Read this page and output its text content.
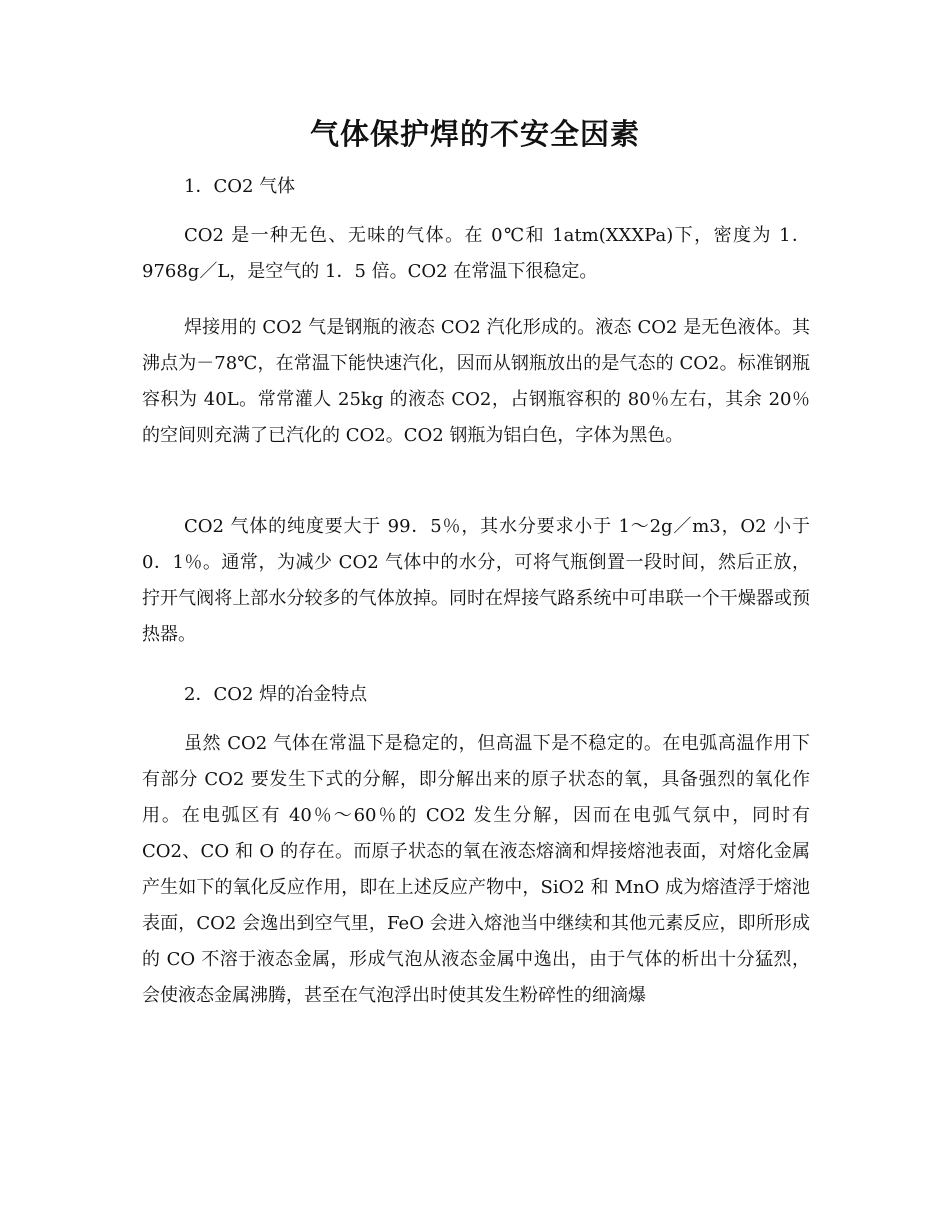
气体保护焊的不安全因素

1．CO2 气体

CO2 是一种无色、无味的气体。在 0℃和 1atm(XXXPa)下，密度为 1．9768g／L，是空气的 1．5 倍。CO2 在常温下很稳定。

焊接用的 CO2 气是钢瓶的液态 CO2 汽化形成的。液态 CO2 是无色液体。其沸点为－78℃，在常温下能快速汽化，因而从钢瓶放出的是气态的 CO2。标准钢瓶容积为 40L。常常灌人 25kg 的液态 CO2，占钢瓶容积的 80％左右，其余 20％的空间则充满了已汽化的 CO2。CO2 钢瓶为铝白色，字体为黑色。

CO2 气体的纯度要大于 99．5％，其水分要求小于 1～2g／m3，O2 小于 0．1％。通常，为减少 CO2 气体中的水分，可将气瓶倒置一段时间，然后正放，拧开气阀将上部水分较多的气体放掉。同时在焊接气路系统中可串联一个干燥器或预热器。

2．CO2 焊的冶金特点

虽然 CO2 气体在常温下是稳定的，但高温下是不稳定的。在电弧高温作用下有部分 CO2 要发生下式的分解，即分解出来的原子状态的氧，具备强烈的氧化作用。在电弧区有 40％～60％的 CO2 发生分解，因而在电弧气氛中，同时有 CO2、CO 和 O 的存在。而原子状态的氧在液态熔滴和焊接熔池表面，对熔化金属产生如下的氧化反应作用，即在上述反应产物中，SiO2 和 MnO 成为熔渣浮于熔池表面，CO2 会逸出到空气里，FeO 会进入熔池当中继续和其他元素反应，即所形成的 CO 不溶于液态金属，形成气泡从液态金属中逸出，由于气体的析出十分猛烈，会使液态金属沸腾，甚至在气泡浮出时使其发生粉碎性的细滴爆
